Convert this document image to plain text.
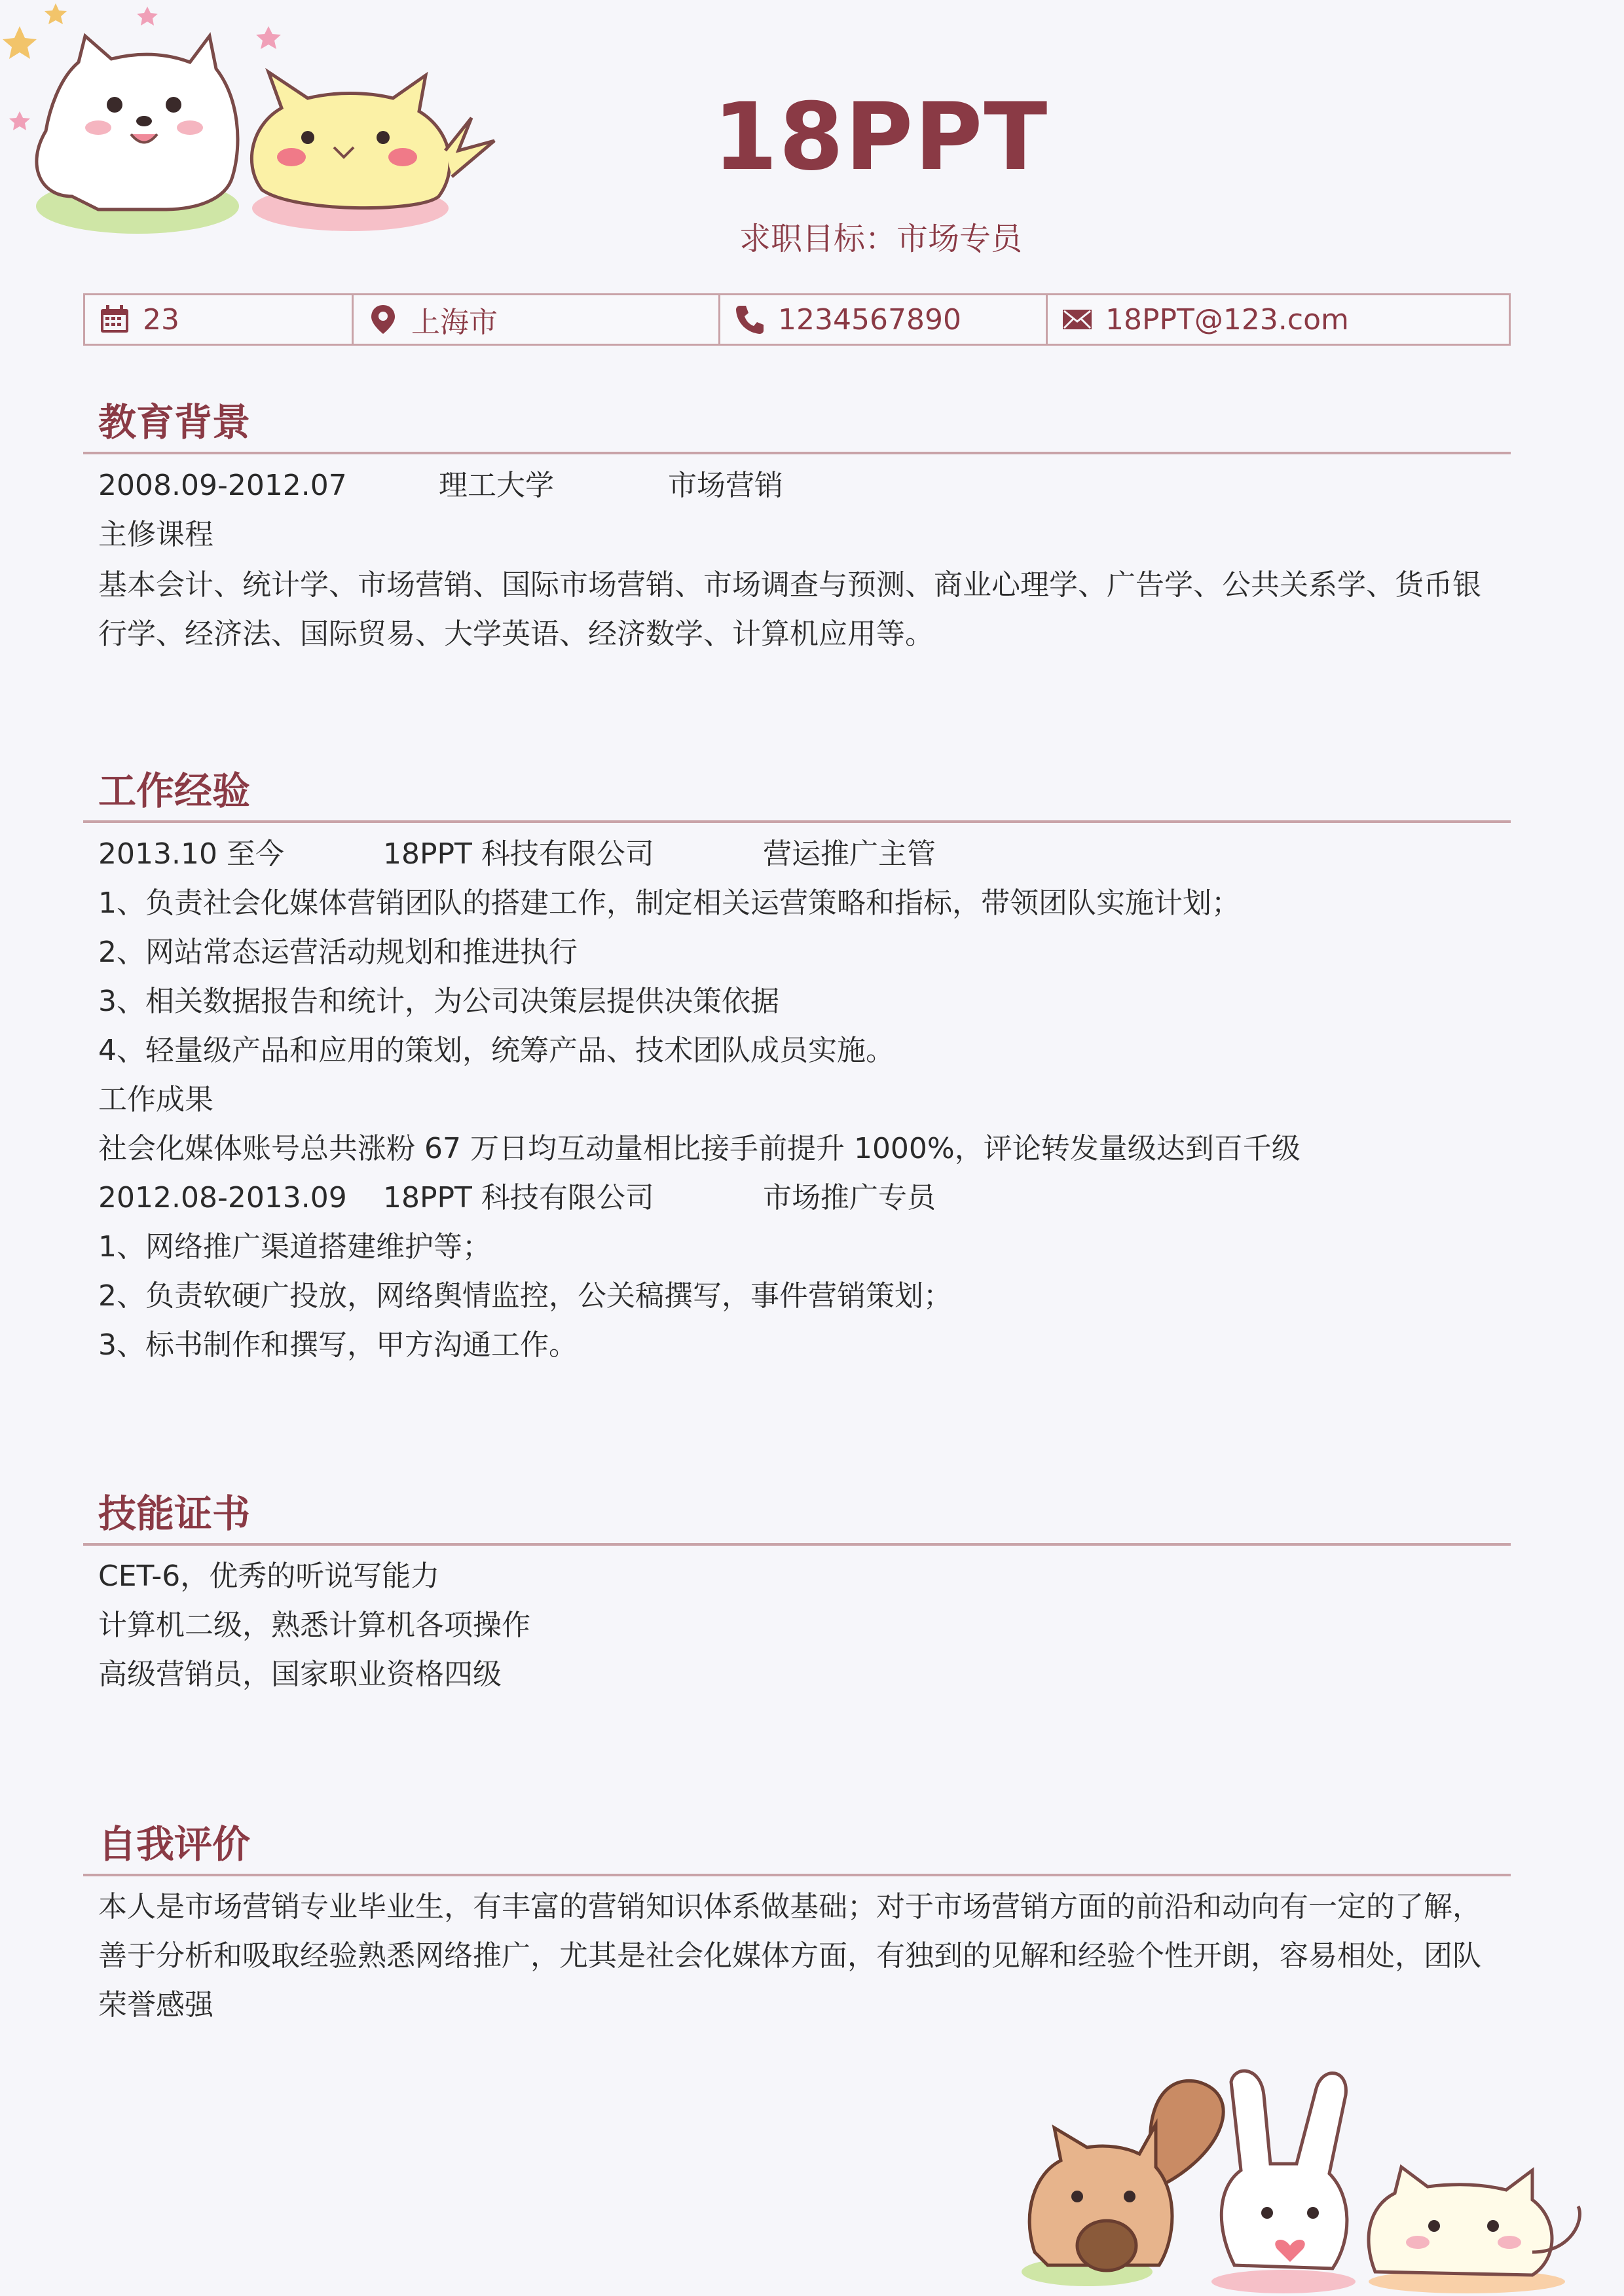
18PPT
求职目标：市场专员
23	上海市	1234567890	18PPT@123.com
教育背景
2008.09-2012.07	理工大学	市场营销
主修课程
基本会计、统计学、市场营销、国际市场营销、市场调查与预测、商业心理学、广告学、公共关系学、货币银行学、经济法、国际贸易、大学英语、经济数学、计算机应用等。
工作经验
2013.10 至今	18PPT 科技有限公司	营运推广主管
1、负责社会化媒体营销团队的搭建工作，制定相关运营策略和指标，带领团队实施计划；
2、网站常态运营活动规划和推进执行
3、相关数据报告和统计，为公司决策层提供决策依据
4、轻量级产品和应用的策划，统筹产品、技术团队成员实施。
工作成果
社会化媒体账号总共涨粉 67 万日均互动量相比接手前提升 1000%，评论转发量级达到百千级
2012.08-2013.09 18PPT 科技有限公司	市场推广专员
1、网络推广渠道搭建维护等；
2、负责软硬广投放，网络舆情监控，公关稿撰写，事件营销策划；
3、标书制作和撰写，甲方沟通工作。
技能证书
CET-6，优秀的听说写能力
计算机二级，熟悉计算机各项操作
高级营销员，国家职业资格四级
自我评价
本人是市场营销专业毕业生，有丰富的营销知识体系做基础；对于市场营销方面的前沿和动向有一定的了解，善于分析和吸取经验熟悉网络推广，尤其是社会化媒体方面，有独到的见解和经验个性开朗，容易相处，团队荣誉感强
